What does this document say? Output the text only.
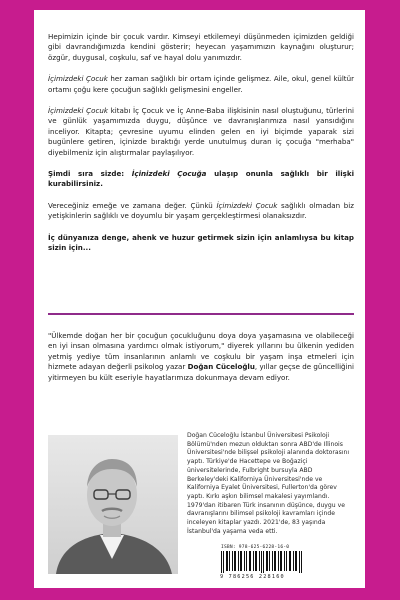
Hepimizin içinde bir çocuk vardır. Kimseyi etkilemeyi düşünmeden içimizden geldiği gibi davrandığımızda kendini gösterir; heyecan yaşamımızın kaynağını oluşturur; özgür, duygusal, coşkulu, saf ve hayal dolu yanımızdır.

İçimizdeki Çocuk her zaman sağlıklı bir ortam içinde gelişmez. Aile, okul, genel kültür ortamı çoğu kere çocuğun sağlıklı gelişmesini engeller.

İçimizdeki Çocuk kitabı İç Çocuk ve İç Anne-Baba ilişkisinin nasıl oluştuğunu, türlerini ve günlük yaşamımızda duygu, düşünce ve davranışlarımıza nasıl yansıdığını inceliyor. Kitapta; çevresine uyumu elinden gelen en iyi biçimde yaparak sizi bugünlere getiren, içinizde bıraktığı yerde unutulmuş duran iç çocuğa "merhaba" diyebilmeniz için alıştırmalar paylaşılıyor.

Şimdi sıra sizde: İçinizdeki Çocuğa ulaşıp onunla sağlıklı bir ilişki kurabilirsiniz.

Vereceğiniz emeğe ve zamana değer. Çünkü İçimizdeki Çocuk sağlıklı olmadan biz yetişkinlerin sağlıklı ve doyumlu bir yaşam gerçekleştirmesi olanaksızdır.

İç dünyanıza denge, ahenk ve huzur getirmek sizin için anlamlıysa bu kitap sizin için...

"Ülkemde doğan her bir çocuğun çocukluğunu doya doya yaşamasına ve olabileceği en iyi insan olmasına yardımcı olmak istiyorum," diyerek yıllarını bu ülkenin yediden yetmiş yediye tüm insanlarının anlamlı ve coşkulu bir yaşam inşa etmeleri için hizmete adayan değerli psikolog yazar Doğan Cüceloğlu, yıllar geçse de güncelliğini yitirmeyen bu kült eseriyle hayatlarımıza dokunmaya devam ediyor.

Doğan Cüceloğlu İstanbul Üniversitesi Psikoloji Bölümü'nden mezun olduktan sonra ABD'de Illinois Üniversitesi'nde bilişsel psikoloji alanında doktorasını yaptı. Türkiye'de Hacettepe ve Boğaziçi üniversitelerinde, Fulbright bursuyla ABD Berkeley'deki Kaliforniya Üniversitesi'nde ve Kaliforniya Eyalet Üniversitesi, Fullerton'da görev yaptı. Kırkı aşkın bilimsel makalesi yayımlandı. 1979'dan itibaren Türk insanının düşünce, duygu ve davranışlarını bilimsel psikoloji kavramları içinde inceleyen kitaplar yazdı. 2021'de, 83 yaşında İstanbul'da yaşama veda etti.

ISBN: 978-625-6228-16-0
9 786256 228160
